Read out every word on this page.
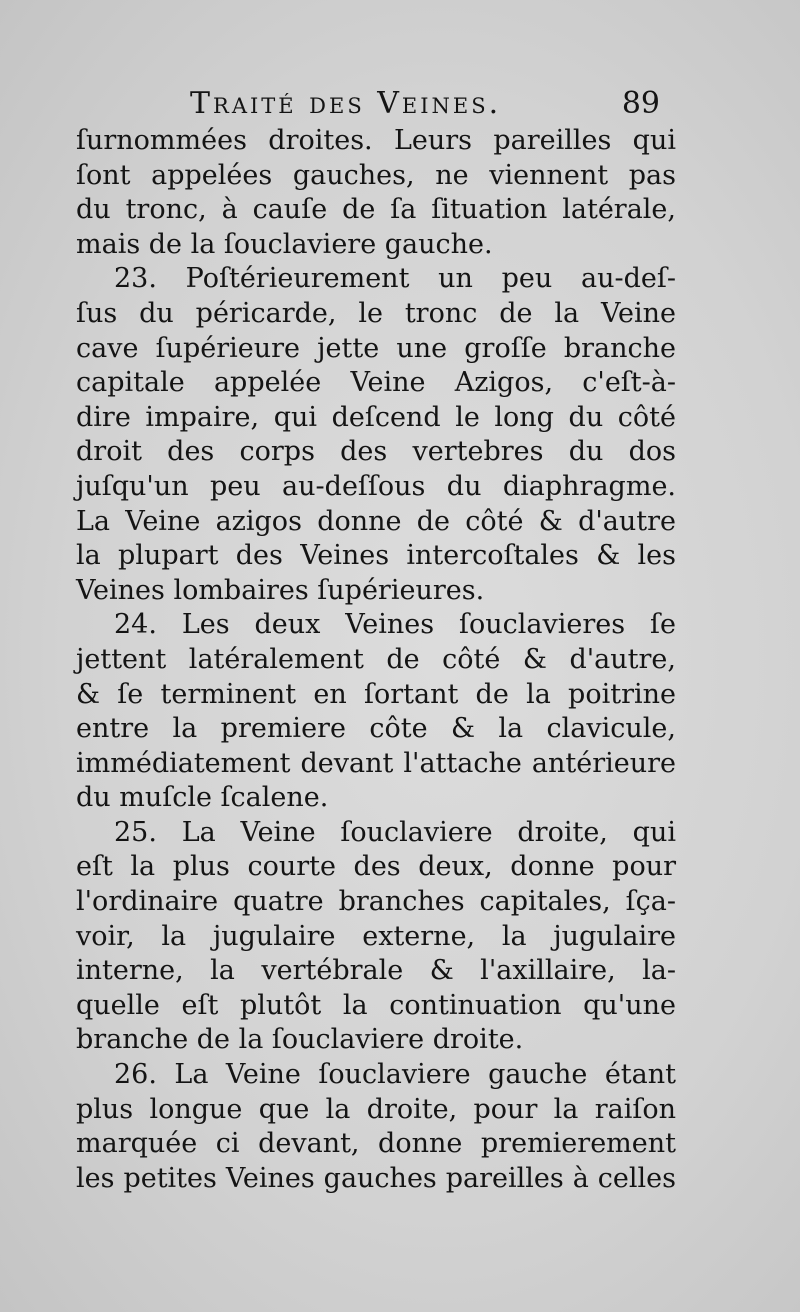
Traité des Veines.	89
ſurnommées droites. Leurs pareilles qui
ſont appelées gauches, ne viennent pas
du tronc, à cauſe de ſa ſituation latérale,
mais de la ſouclaviere gauche.
23. Poſtérieurement un peu au-deſ-
ſus du péricarde, le tronc de la Veine
cave ſupérieure jette une groſſe branche
capitale appelée Veine Azigos, c'eſt-à-
dire impaire, qui deſcend le long du côté
droit des corps des vertebres du dos
juſqu'un peu au-deſſous du diaphragme.
La Veine azigos donne de côté & d'autre
la plupart des Veines intercoſtales & les
Veines lombaires ſupérieures.
24. Les deux Veines ſouclavieres ſe
jettent latéralement de côté & d'autre,
& ſe terminent en ſortant de la poitrine
entre la premiere côte & la clavicule,
immédiatement devant l'attache antérieure
du muſcle ſcalene.
25. La Veine ſouclaviere droite, qui
eſt la plus courte des deux, donne pour
l'ordinaire quatre branches capitales, ſça-
voir, la jugulaire externe, la jugulaire
interne, la vertébrale & l'axillaire, la-
quelle eſt plutôt la continuation qu'une
branche de la ſouclaviere droite.
26. La Veine ſouclaviere gauche étant
plus longue que la droite, pour la raiſon
marquée ci devant, donne premierement
les petites Veines gauches pareilles à celles
